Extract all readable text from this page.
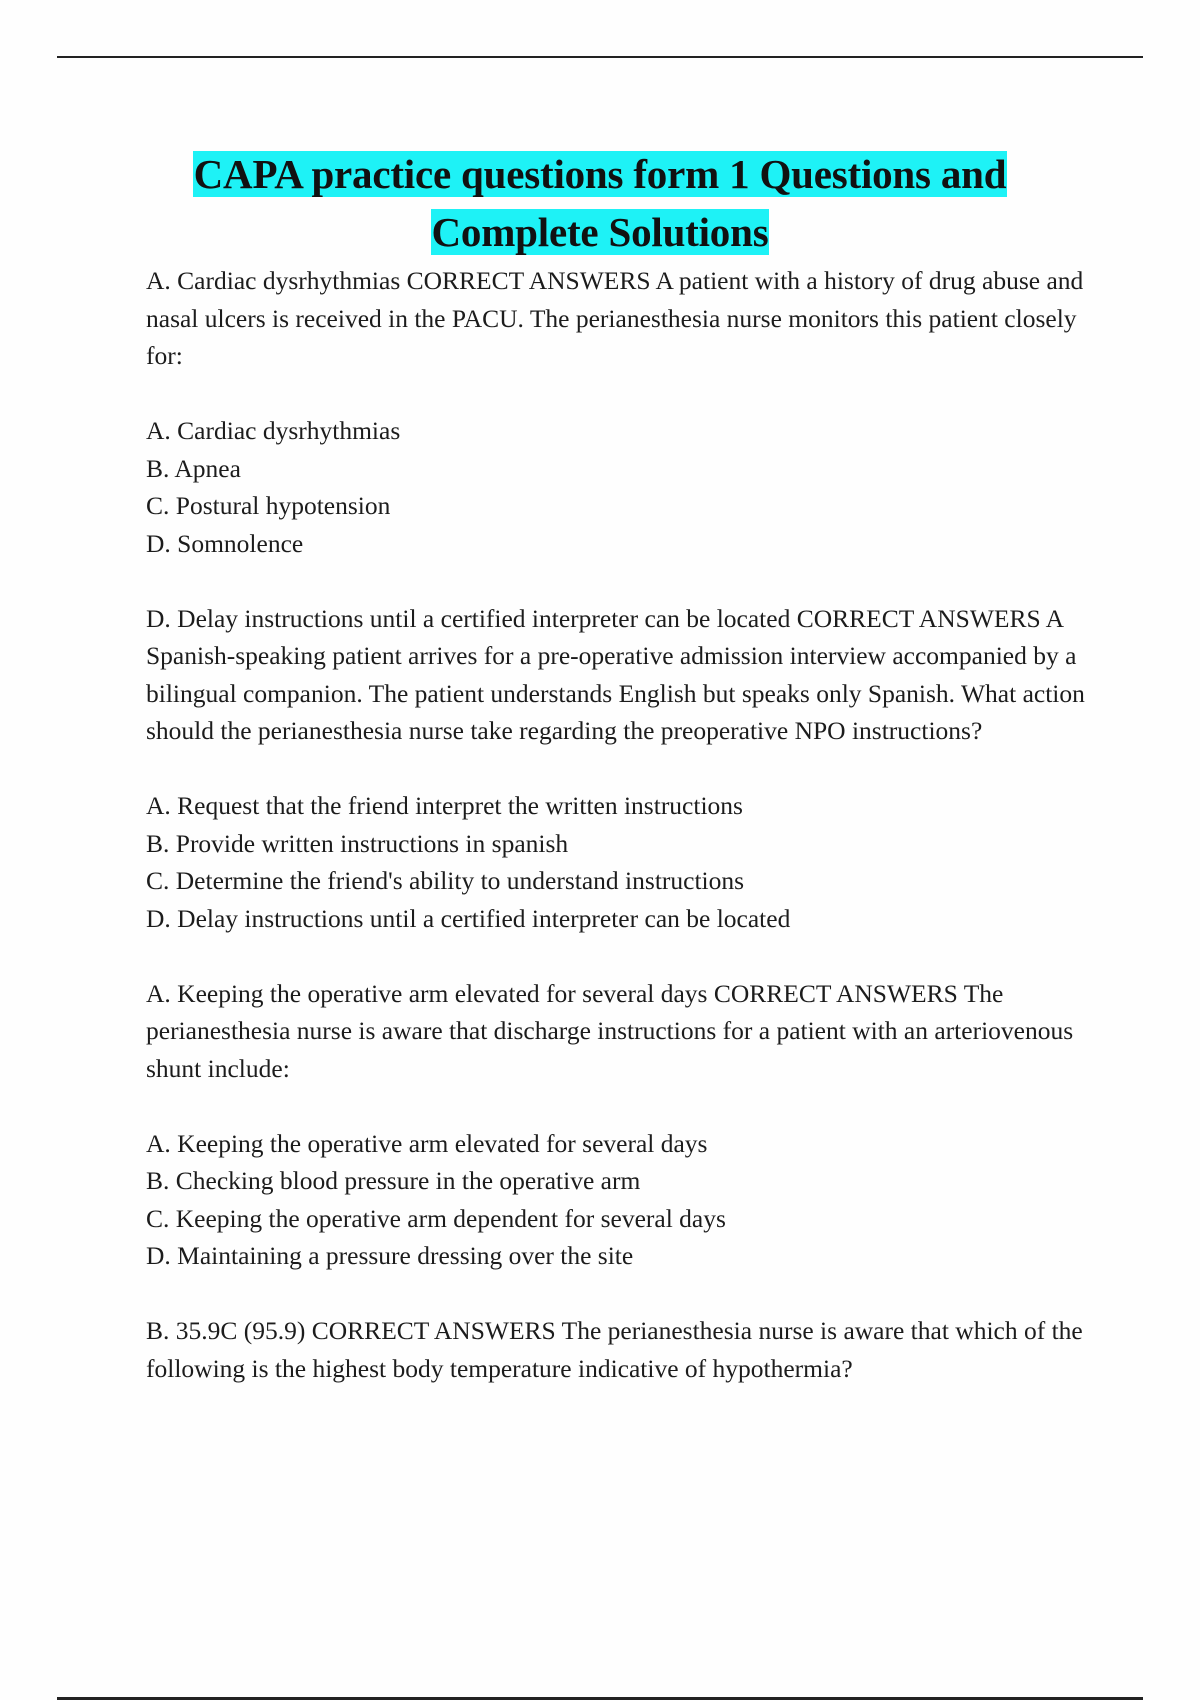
CAPA practice questions form 1 Questions and
Complete Solutions

A. Cardiac dysrhythmias CORRECT ANSWERS A patient with a history of drug abuse and nasal ulcers is received in the PACU. The perianesthesia nurse monitors this patient closely for:

A. Cardiac dysrhythmias
B. Apnea
C. Postural hypotension
D. Somnolence

D. Delay instructions until a certified interpreter can be located CORRECT ANSWERS A Spanish-speaking patient arrives for a pre-operative admission interview accompanied by a bilingual companion. The patient understands English but speaks only Spanish. What action should the perianesthesia nurse take regarding the preoperative NPO instructions?

A. Request that the friend interpret the written instructions
B. Provide written instructions in spanish
C. Determine the friend's ability to understand instructions
D. Delay instructions until a certified interpreter can be located

A. Keeping the operative arm elevated for several days CORRECT ANSWERS The perianesthesia nurse is aware that discharge instructions for a patient with an arteriovenous shunt include:

A. Keeping the operative arm elevated for several days
B. Checking blood pressure in the operative arm
C. Keeping the operative arm dependent for several days
D. Maintaining a pressure dressing over the site

B. 35.9C (95.9) CORRECT ANSWERS The perianesthesia nurse is aware that which of the following is the highest body temperature indicative of hypothermia?
